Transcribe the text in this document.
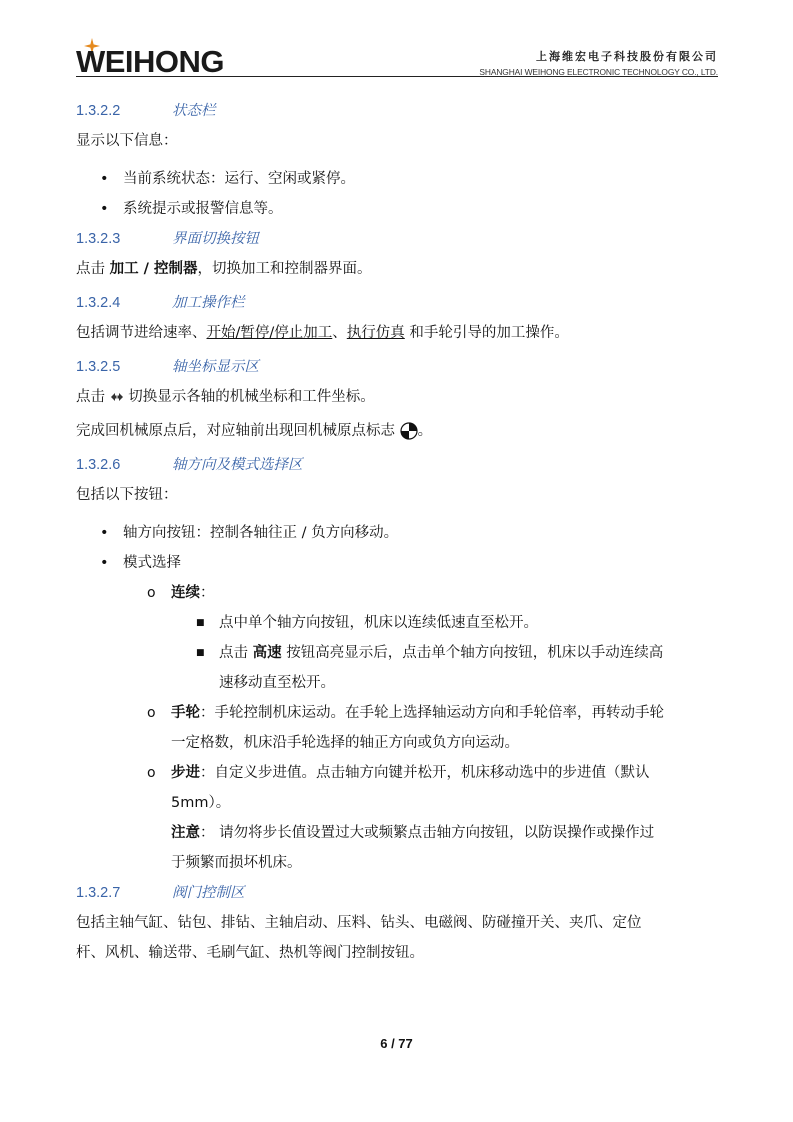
WEIHONG	上海维宏电子科技股份有限公司
SHANGHAI WEIHONG ELECTRONIC TECHNOLOGY CO., LTD.
1.3.2.2	状态栏

显示以下信息：

• 当前系统状态：运行、空闲或紧停。
• 系统提示或报警信息等。
1.3.2.3	界面切换按钮

点击 加工 / 控制器，切换加工和控制器界面。

1.3.2.4	加工操作栏

包括调节进给速率、开始/暂停/停止加工、执行仿真 和手轮引导的加工操作。

1.3.2.5	轴坐标显示区

点击  切换显示各轴的机械坐标和工件坐标。

完成回机械原点后，对应轴前出现回机械原点标志 。

1.3.2.6	轴方向及模式选择区

包括以下按钮：

• 轴方向按钮：控制各轴往正 / 负方向移动。
• 模式选择
o 连续：
■ 点中单个轴方向按钮，机床以连续低速直至松开。
■ 点击 高速 按钮高亮显示后，点击单个轴方向按钮，机床以手动连续高
速移动直至松开。
o 手轮：手轮控制机床运动。在手轮上选择轴运动方向和手轮倍率，再转动手轮
一定格数，机床沿手轮选择的轴正方向或负方向运动。
o 步进：自定义步进值。点击轴方向键并松开，机床移动选中的步进值（默认
5mm）。
注意： 请勿将步长值设置过大或频繁点击轴方向按钮，以防误操作或操作过
于频繁而损坏机床。
1.3.2.7	阀门控制区

包括主轴气缸、钻包、排钻、主轴启动、压料、钻头、电磁阀、防碰撞开关、夹爪、定位

杆、风机、输送带、毛刷气缸、热机等阀门控制按钮。

6 / 77
